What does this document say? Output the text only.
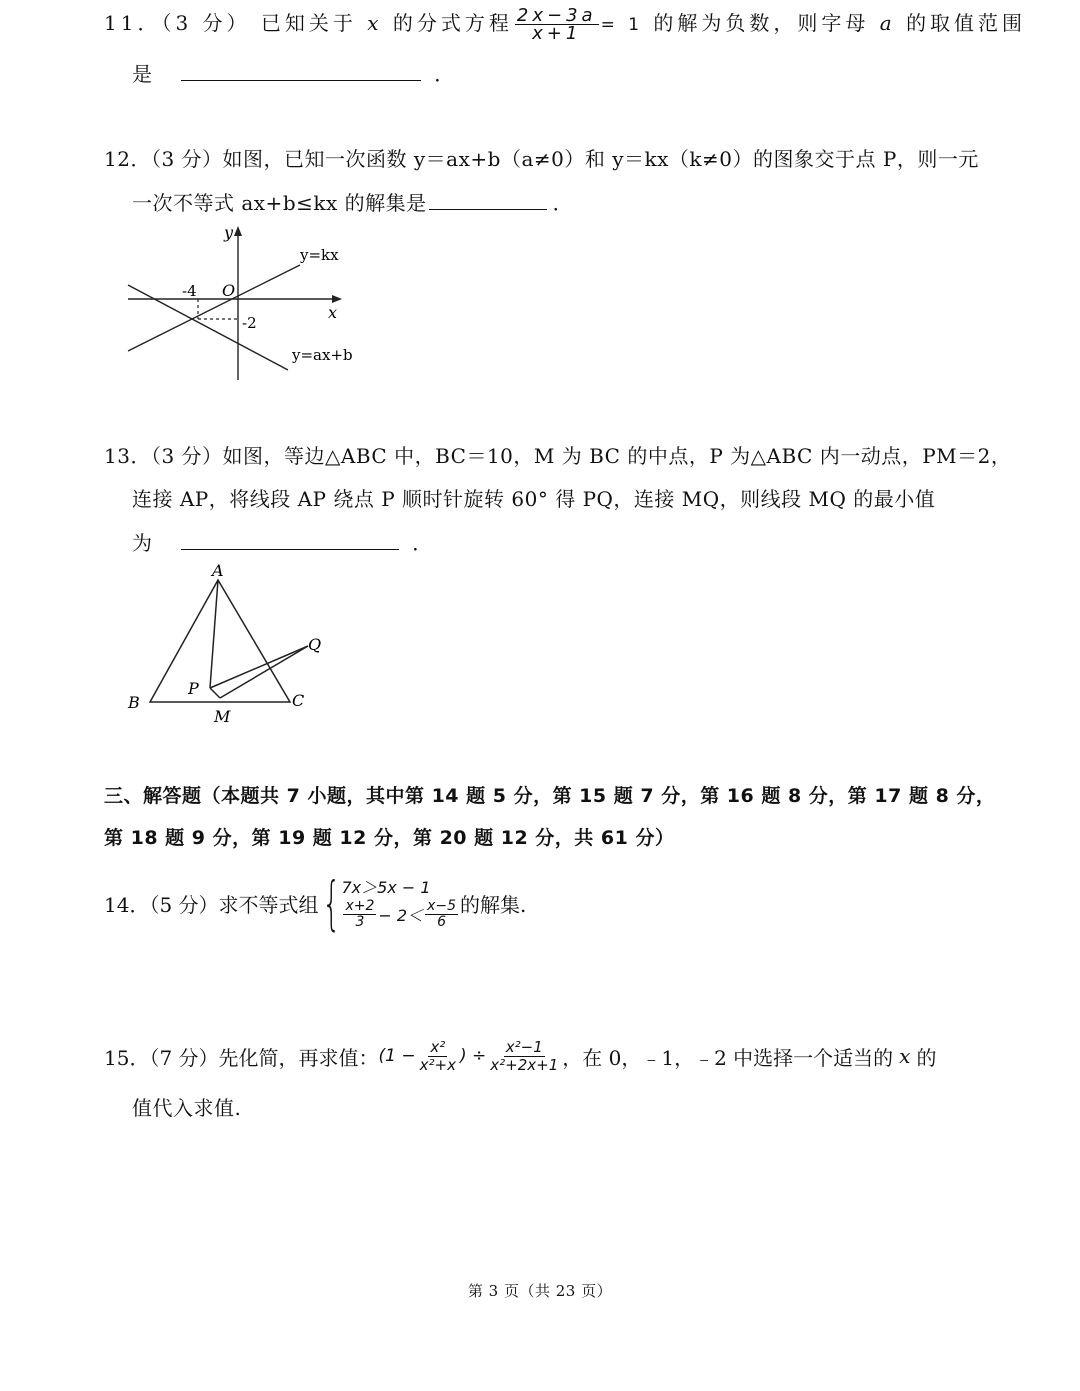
11．（3 分） 已知关于 x 的分式方程 $\frac{2x-3a}{x+1} = 1$ 的解为负数，则字母 a 的取值范围
是	．
12．（3 分）如图，已知一次函数 y＝ax+b（a≠0）和 y＝kx（k≠0）的图象交于点 P，则一元
一次不等式 ax+b≤kx 的解集是	．
y
x
O
-4
-2
y=kx
y=ax+b
13．（3 分）如图，等边△ABC 中，BC＝10，M 为 BC 的中点，P 为△ABC 内一动点，PM＝2，
连接 AP，将线段 AP 绕点 P 顺时针旋转 60° 得 PQ，连接 MQ，则线段 MQ 的最小值
为	．
A
B	C
P
Q
M
三、解答题（本题共 7 小题，其中第 14 题 5 分，第 15 题 7 分，第 16 题 8 分，第 17 题 8 分，
第 18 题 9 分，第 19 题 12 分，第 20 题 12 分，共 61 分）
14．（5 分）求不等式组 { 7x＞5x − 1
$\frac{x+2}{3} - 2< \frac{x-5}{6}$ 的解集.
15．（7 分）先化简，再求值： ($1 - \frac{\text{x²}}{\text{x²+x}}$ ) ÷ $\frac{\text{x²−1}}{\text{x²+2x+1}}$ ，在 0，﹣1，﹣2 中选择一个适当的 x 的
值代入求值.
第 3 页（共 23 页）
